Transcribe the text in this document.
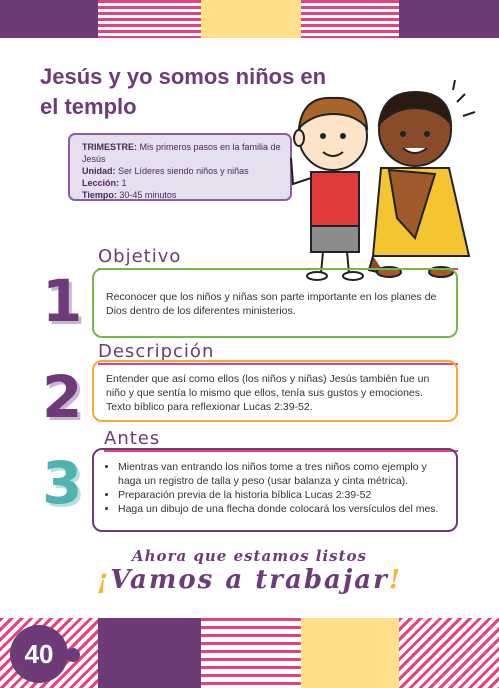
Jesús y yo somos niños en el templo
TRIMESTRE: Mis primeros pasos en la familia de Jesús
Unidad: Ser Líderes siendo niños y niñas
Lección: 1
Tiempo: 30-45 minutos
Objetivo
1	Reconocer que los niños y niñas son parte importante en los planes de Dios dentro de los diferentes ministerios.
Descripción
2	Entender que así como ellos (los niños y niñas) Jesús también fue un niño y que sentía lo mismo que ellos, tenía sus gustos y emociones. Texto bíblico para reflexionar Lucas 2:39-52.
Antes
3
•	Mientras van entrando los niños tome a tres niños como ejemplo y haga un registro de talla y peso (usar balanza y cinta métrica).
• Preparación previa de la historia bíblica Lucas 2:39-52
• Haga un dibujo de una flecha donde colocará los versículos del mes.
Ahora que estamos listos
¡Vamos a trabajar!
40
